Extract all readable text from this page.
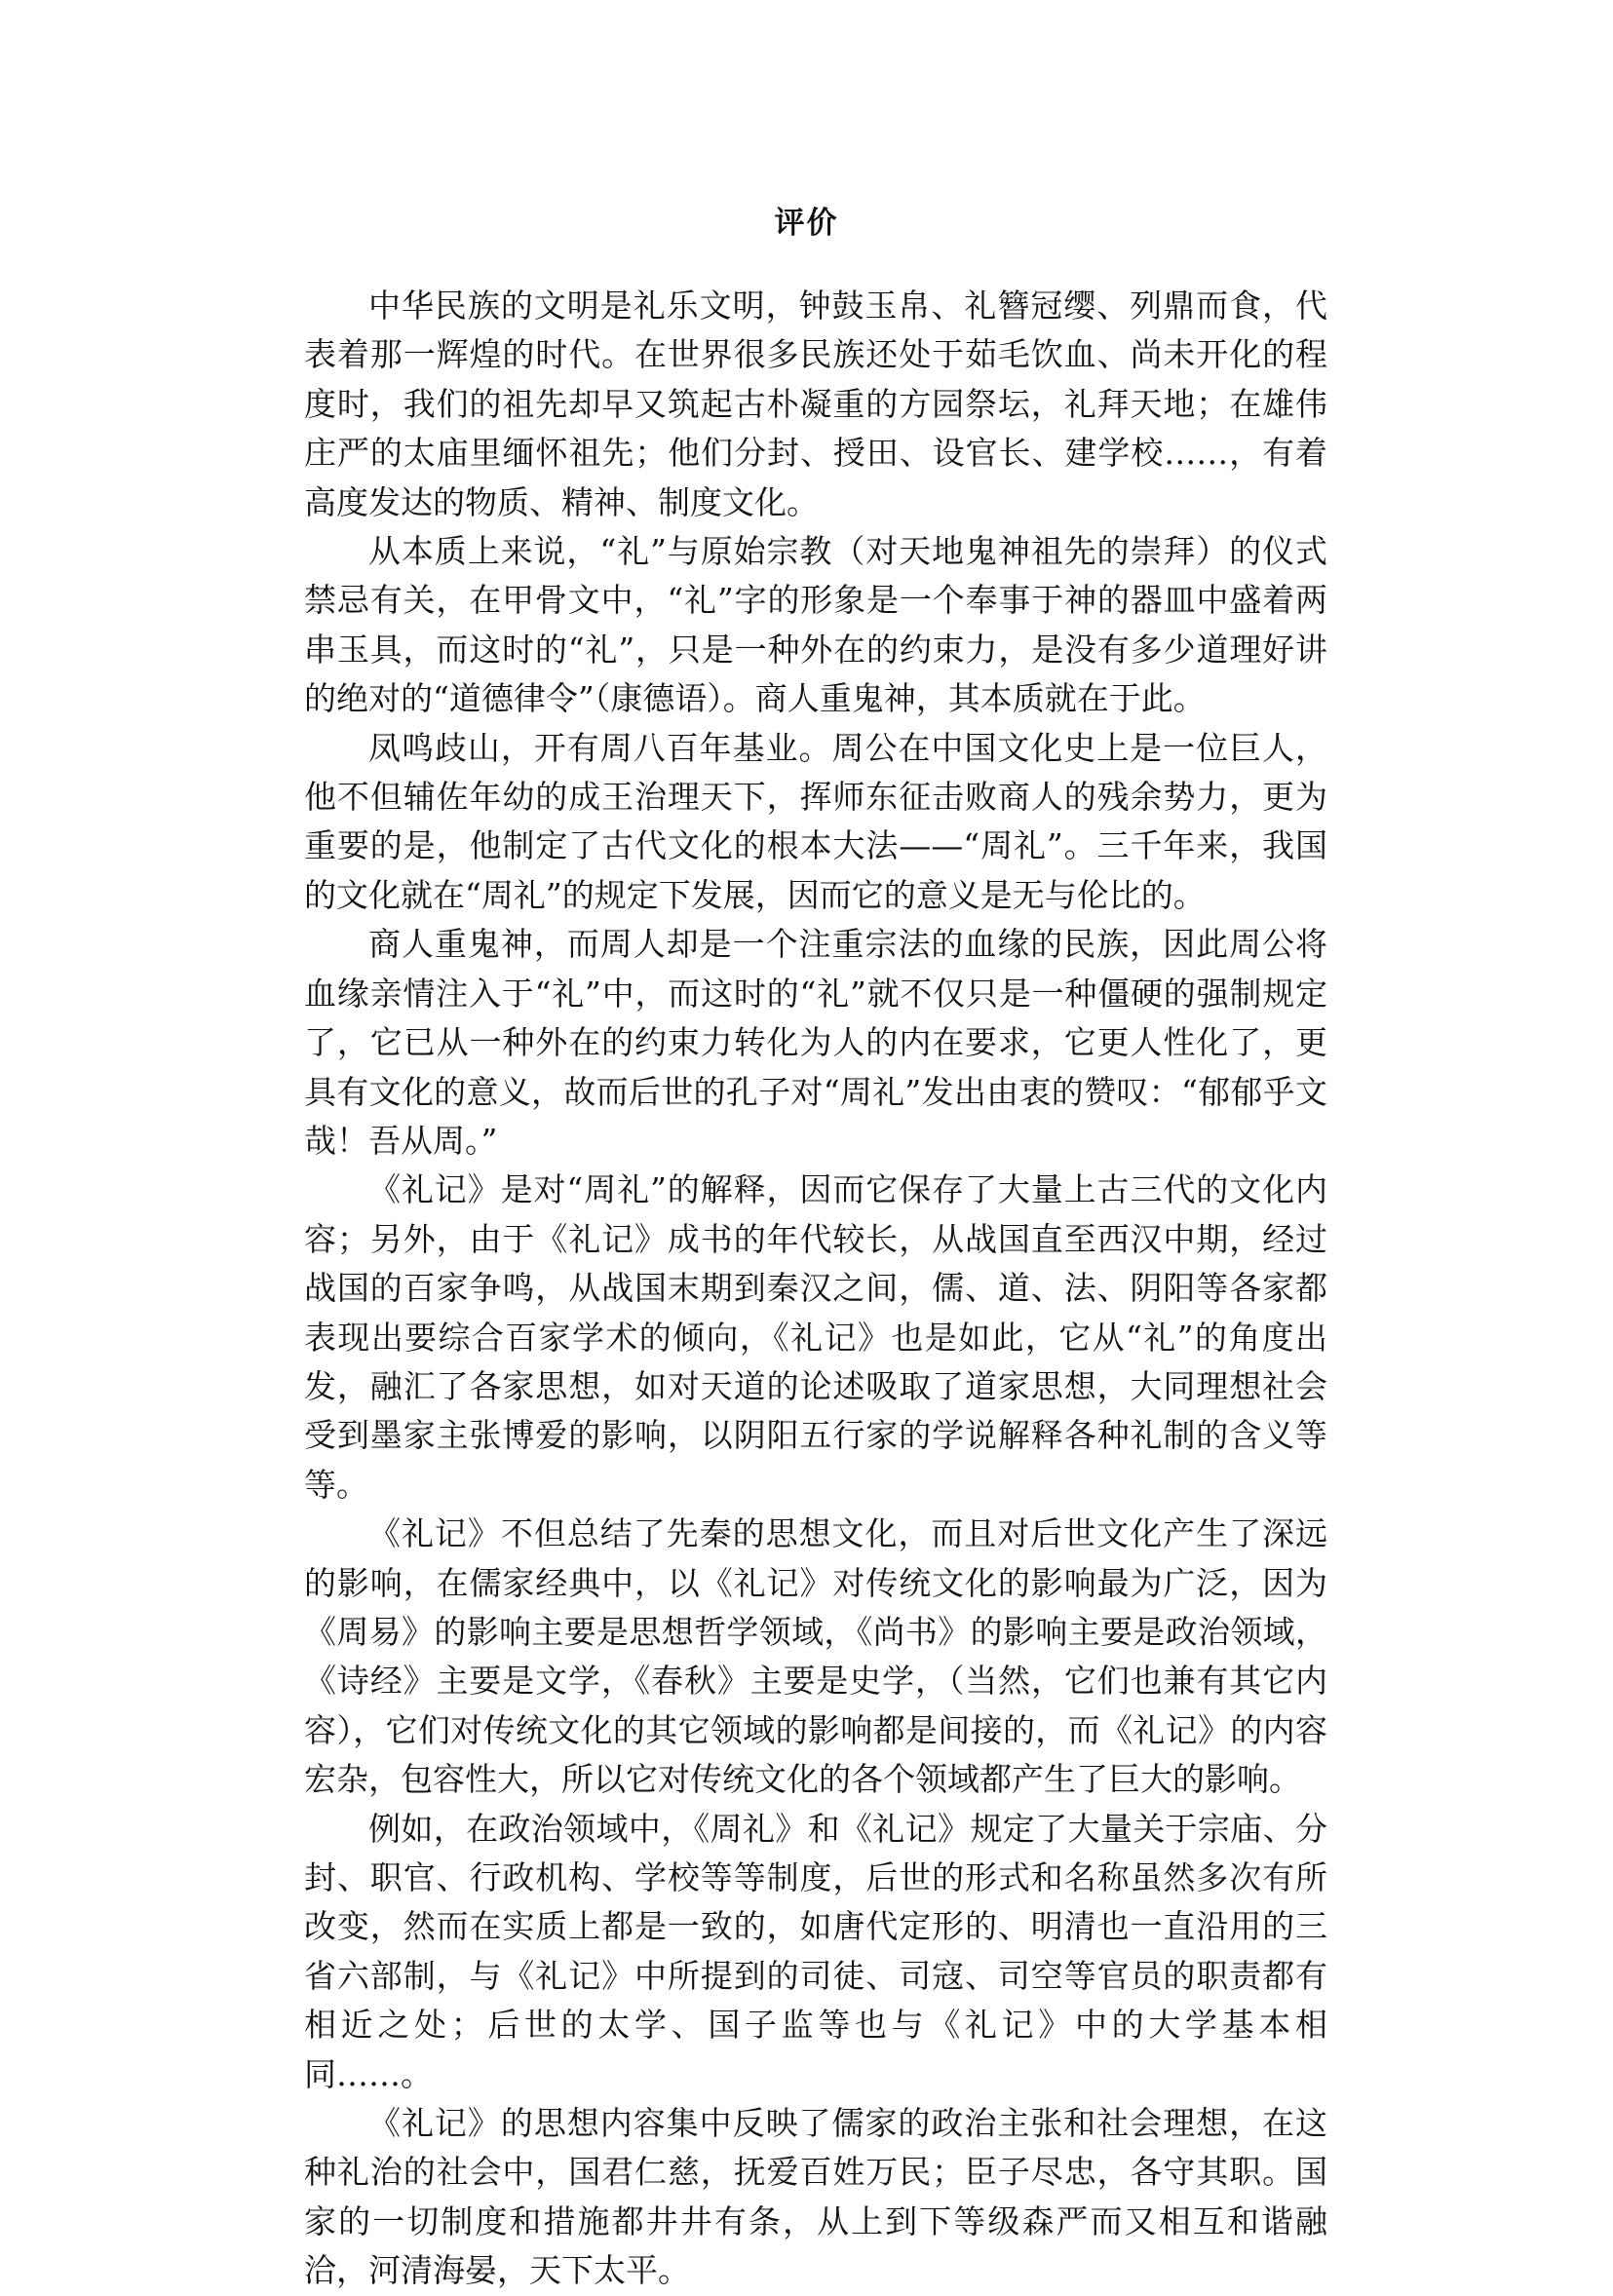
评价

中华民族的文明是礼乐文明，钟鼓玉帛、礼簪冠缨、列鼎而食，代表着那一辉煌的时代。在世界很多民族还处于茹毛饮血、尚未开化的程度时，我们的祖先却早又筑起古朴凝重的方园祭坛，礼拜天地；在雄伟庄严的太庙里缅怀祖先；他们分封、授田、设官长、建学校……，有着高度发达的物质、精神、制度文化。

从本质上来说，“礼”与原始宗教（对天地鬼神祖先的崇拜）的仪式禁忌有关，在甲骨文中，“礼”字的形象是一个奉事于神的器皿中盛着两串玉具，而这时的“礼”，只是一种外在的约束力，是没有多少道理好讲的绝对的“道德律令”（康德语）。商人重鬼神，其本质就在于此。

凤鸣歧山，开有周八百年基业。周公在中国文化史上是一位巨人，他不但辅佐年幼的成王治理天下，挥师东征击败商人的残余势力，更为重要的是，他制定了古代文化的根本大法——“周礼”。三千年来，我国的文化就在“周礼”的规定下发展，因而它的意义是无与伦比的。

商人重鬼神，而周人却是一个注重宗法的血缘的民族，因此周公将血缘亲情注入于“礼”中，而这时的“礼”就不仅只是一种僵硬的强制规定了，它已从一种外在的约束力转化为人的内在要求，它更人性化了，更具有文化的意义，故而后世的孔子对“周礼”发出由衷的赞叹：“郁郁乎文哉！吾从周。”

《礼记》是对“周礼”的解释，因而它保存了大量上古三代的文化内容；另外，由于《礼记》成书的年代较长，从战国直至西汉中期，经过战国的百家争鸣，从战国末期到秦汉之间，儒、道、法、阴阳等各家都表现出要综合百家学术的倾向，《礼记》也是如此，它从“礼”的角度出发，融汇了各家思想，如对天道的论述吸取了道家思想，大同理想社会受到墨家主张博爱的影响，以阴阳五行家的学说解释各种礼制的含义等等。

《礼记》不但总结了先秦的思想文化，而且对后世文化产生了深远的影响，在儒家经典中，以《礼记》对传统文化的影响最为广泛，因为《周易》的影响主要是思想哲学领域，《尚书》的影响主要是政治领域，《诗经》主要是文学，《春秋》主要是史学，（当然，它们也兼有其它内容），它们对传统文化的其它领域的影响都是间接的，而《礼记》的内容宏杂，包容性大，所以它对传统文化的各个领域都产生了巨大的影响。

例如，在政治领域中，《周礼》和《礼记》规定了大量关于宗庙、分封、职官、行政机构、学校等等制度，后世的形式和名称虽然多次有所改变，然而在实质上都是一致的，如唐代定形的、明清也一直沿用的三省六部制，与《礼记》中所提到的司徒、司寇、司空等官员的职责都有相近之处；后世的太学、国子监等也与《礼记》中的大学基本相同……。

《礼记》的思想内容集中反映了儒家的政治主张和社会理想，在这种礼治的社会中，国君仁慈，抚爱百姓万民；臣子尽忠，各守其职。国家的一切制度和措施都井井有条，从上到下等级森严而又相互和谐融洽，河清海晏，天下太平。
